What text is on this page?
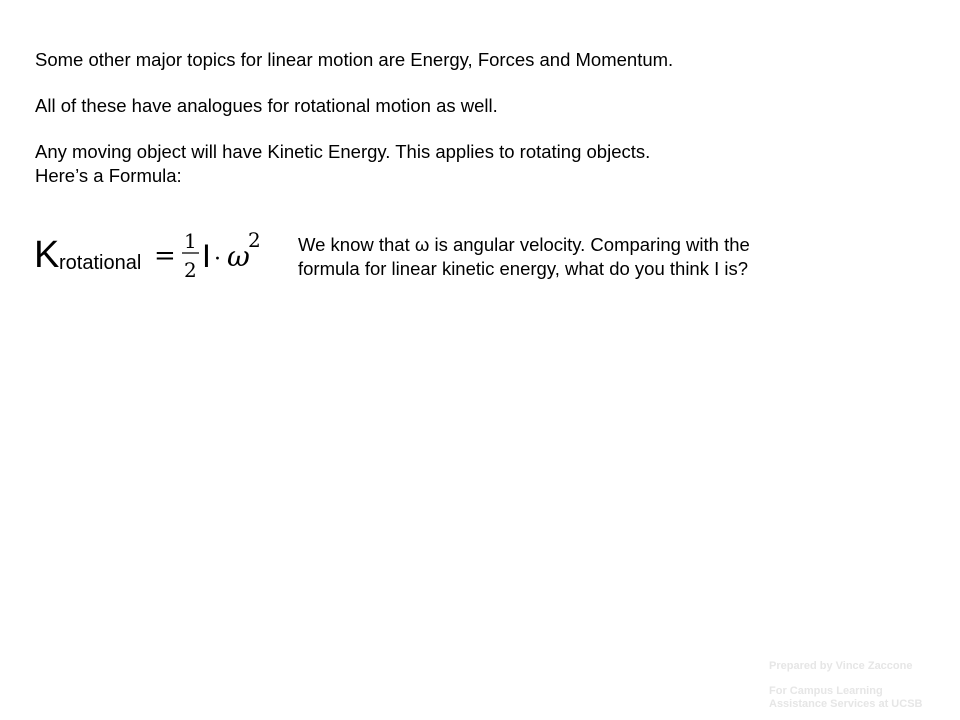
Some other major topics for linear motion are Energy, Forces and Momentum.

All of these have analogues for rotational motion as well.

Any moving object will have Kinetic Energy. This applies to rotating objects.
Here’s a Formula:

K rotational = 1
2 I · ω
2 We know that ω is angular velocity. Comparing with the
formula for linear kinetic energy, what do you think I is?

Prepared by Vince Zaccone

For Campus Learning
Assistance Services at UCSB
